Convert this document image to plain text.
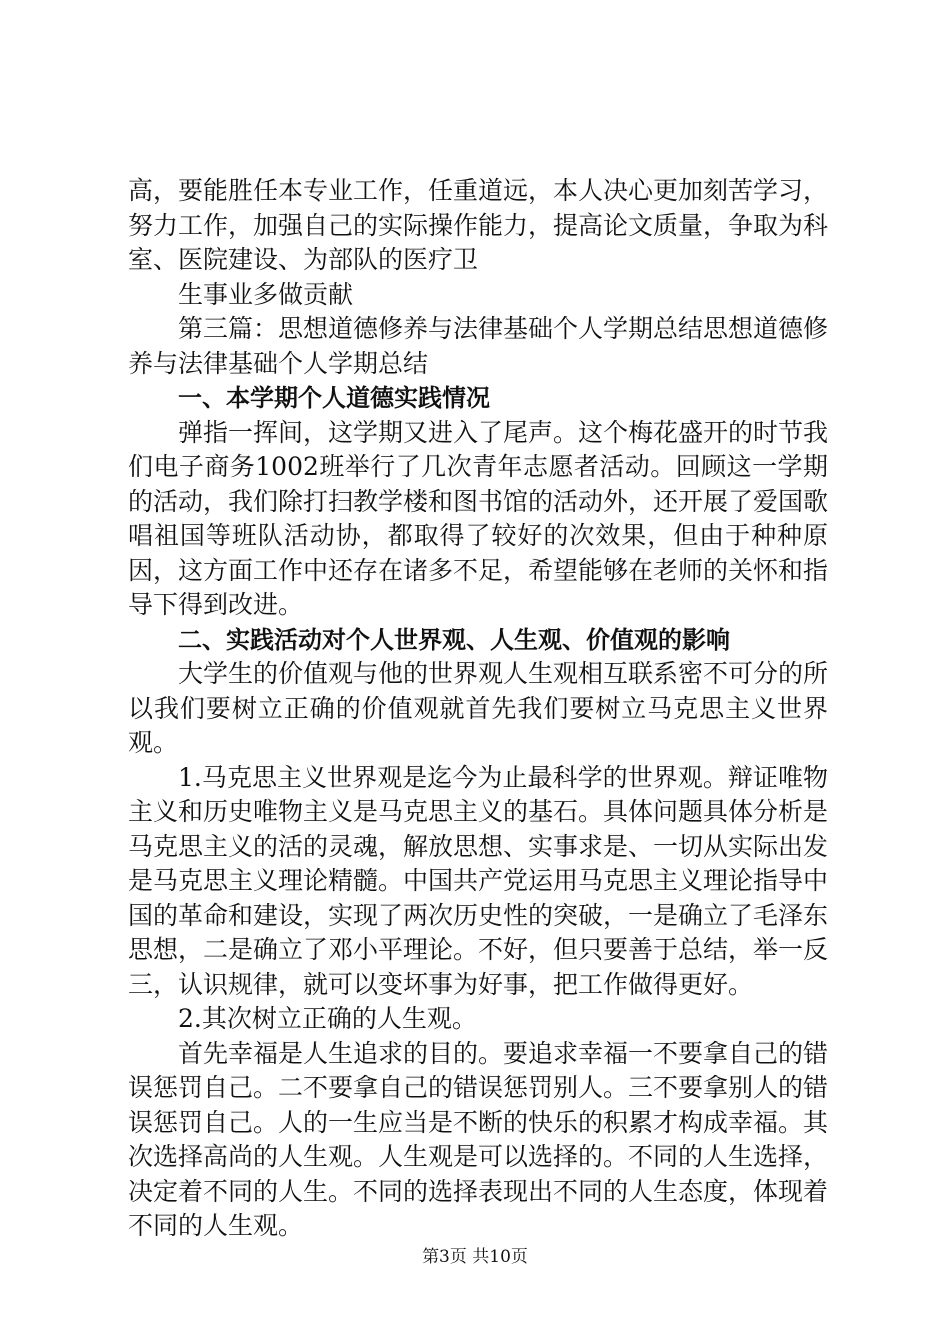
高，要能胜任本专业工作，任重道远，本人决心更加刻苦学习，努力工作，加强自己的实际操作能力，提高论文质量，争取为科室、医院建设、为部队的医疗卫

生事业多做贡献

第三篇：思想道德修养与法律基础个人学期总结思想道德修养与法律基础个人学期总结

一、本学期个人道德实践情况

弹指一挥间，这学期又进入了尾声。这个梅花盛开的时节我们电子商务1002班举行了几次青年志愿者活动。回顾这一学期的活动，我们除打扫教学楼和图书馆的活动外，还开展了爱国歌唱祖国等班队活动协，都取得了较好的次效果，但由于种种原因，这方面工作中还存在诸多不足，希望能够在老师的关怀和指导下得到改进。

二、实践活动对个人世界观、人生观、价值观的影响

大学生的价值观与他的世界观人生观相互联系密不可分的所以我们要树立正确的价值观就首先我们要树立马克思主义世界观。

1.马克思主义世界观是迄今为止最科学的世界观。辩证唯物主义和历史唯物主义是马克思主义的基石。具体问题具体分析是马克思主义的活的灵魂，解放思想、实事求是、一切从实际出发是马克思主义理论精髓。中国共产党运用马克思主义理论指导中国的革命和建设，实现了两次历史性的突破，一是确立了毛泽东思想，二是确立了邓小平理论。不好，但只要善于总结，举一反三，认识规律，就可以变坏事为好事，把工作做得更好。

2.其次树立正确的人生观。

首先幸福是人生追求的目的。要追求幸福一不要拿自己的错误惩罚自己。二不要拿自己的错误惩罚别人。三不要拿别人的错误惩罚自己。人的一生应当是不断的快乐的积累才构成幸福。其次选择高尚的人生观。人生观是可以选择的。不同的人生选择，决定着不同的人生。不同的选择表现出不同的人生态度，体现着不同的人生观。

第3页 共10页
